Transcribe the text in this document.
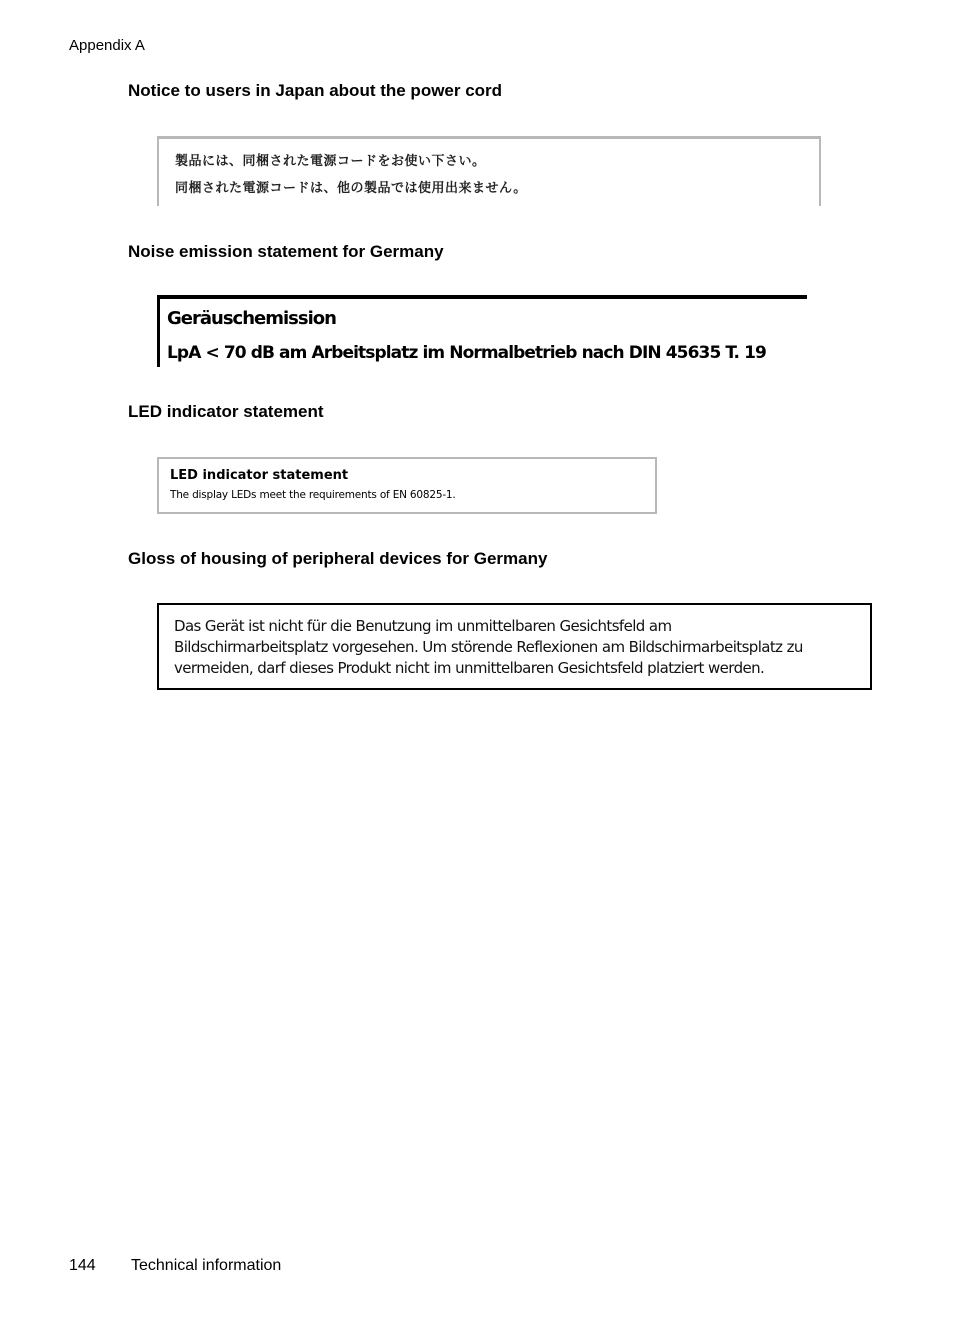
Appendix A
Notice to users in Japan about the power cord
製品には、同梱された電源コードをお使い下さい。
同梱された電源コードは、他の製品では使用出来ません。
Noise emission statement for Germany
Geräuschemission
LpA < 70 dB am Arbeitsplatz im Normalbetrieb nach DIN 45635 T. 19
LED indicator statement
LED indicator statement
The display LEDs meet the requirements of EN 60825-1.
Gloss of housing of peripheral devices for Germany
Das Gerät ist nicht für die Benutzung im unmittelbaren Gesichtsfeld am
Bildschirmarbeitsplatz vorgesehen. Um störende Reflexionen am Bildschirmarbeitsplatz zu
vermeiden, darf dieses Produkt nicht im unmittelbaren Gesichtsfeld platziert werden.
144 Technical information
